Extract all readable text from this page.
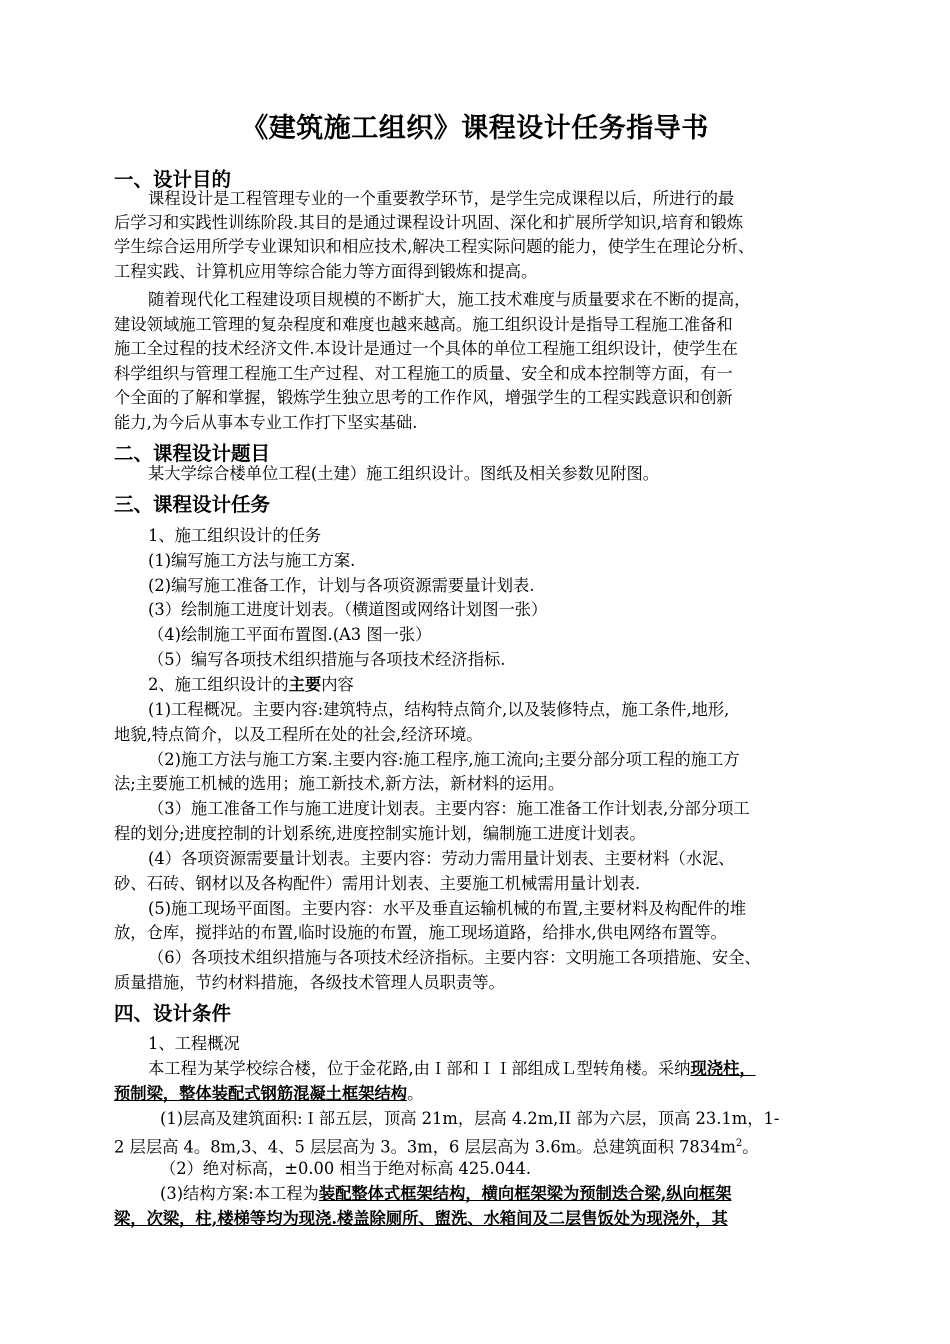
《建筑施工组织》课程设计任务指导书
一、设计目的
课程设计是工程管理专业的一个重要教学环节，是学生完成课程以后，所进行的最
后学习和实践性训练阶段.其目的是通过课程设计巩固、深化和扩展所学知识,培育和锻炼
学生综合运用所学专业课知识和相应技术,解决工程实际问题的能力，使学生在理论分析、
工程实践、计算机应用等综合能力等方面得到锻炼和提高。
随着现代化工程建设项目规模的不断扩大，施工技术难度与质量要求在不断的提高，
建设领域施工管理的复杂程度和难度也越来越高。施工组织设计是指导工程施工准备和
施工全过程的技术经济文件.本设计是通过一个具体的单位工程施工组织设计，使学生在
科学组织与管理工程施工生产过程、对工程施工的质量、安全和成本控制等方面，有一
个全面的了解和掌握，锻炼学生独立思考的工作作风，增强学生的工程实践意识和创新
能力,为今后从事本专业工作打下坚实基础.
二、课程设计题目
某大学综合楼单位工程(土建）施工组织设计。图纸及相关参数见附图。
三、课程设计任务
1、施工组织设计的任务
(1)编写施工方法与施工方案.
(2)编写施工准备工作，计划与各项资源需要量计划表.
(3）绘制施工进度计划表。（横道图或网络计划图一张）
（4)绘制施工平面布置图.(A3 图一张）
（5）编写各项技术组织措施与各项技术经济指标.
2、施工组织设计的主要内容
(1)工程概况。主要内容:建筑特点，结构特点简介,以及装修特点，施工条件,地形,
地貌,特点简介，以及工程所在处的社会,经济环境。
（2)施工方法与施工方案.主要内容:施工程序,施工流向;主要分部分项工程的施工方
法;主要施工机械的选用；施工新技术,新方法，新材料的运用。
（3）施工准备工作与施工进度计划表。主要内容：施工准备工作计划表,分部分项工
程的划分;进度控制的计划系统,进度控制实施计划，编制施工进度计划表。
(4）各项资源需要量计划表。主要内容：劳动力需用量计划表、主要材料（水泥、
砂、石砖、钢材以及各构配件）需用计划表、主要施工机械需用量计划表.
(5)施工现场平面图。主要内容：水平及垂直运输机械的布置,主要材料及构配件的堆
放，仓库，搅拌站的布置,临时设施的布置，施工现场道路，给排水,供电网络布置等。
（6）各项技术组织措施与各项技术经济指标。主要内容：文明施工各项措施、安全、
质量措施，节约材料措施，各级技术管理人员职责等。
四、设计条件
1、工程概况
本工程为某学校综合楼，位于金花路,由Ｉ部和ＩＩ部组成Ｌ型转角楼。采纳现浇柱，
预制梁，整体装配式钢筋混凝土框架结构。
(1)层高及建筑面积:Ｉ部五层，顶高 21m，层高 4.2m,II 部为六层，顶高 23.1m，1-
2 层层高 4。8m,3、4、5 层层高为 3。3m，6 层层高为 3.6m。总建筑面积 $7834m^2$。
（2）绝对标高，±0.00 相当于绝对标高 425.044.
(3)结构方案:本工程为装配整体式框架结构，横向框架梁为预制迭合梁,纵向框架
梁，次梁，柱,楼梯等均为现浇.楼盖除厕所、盥洗、水箱间及二层售饭处为现浇外，其
